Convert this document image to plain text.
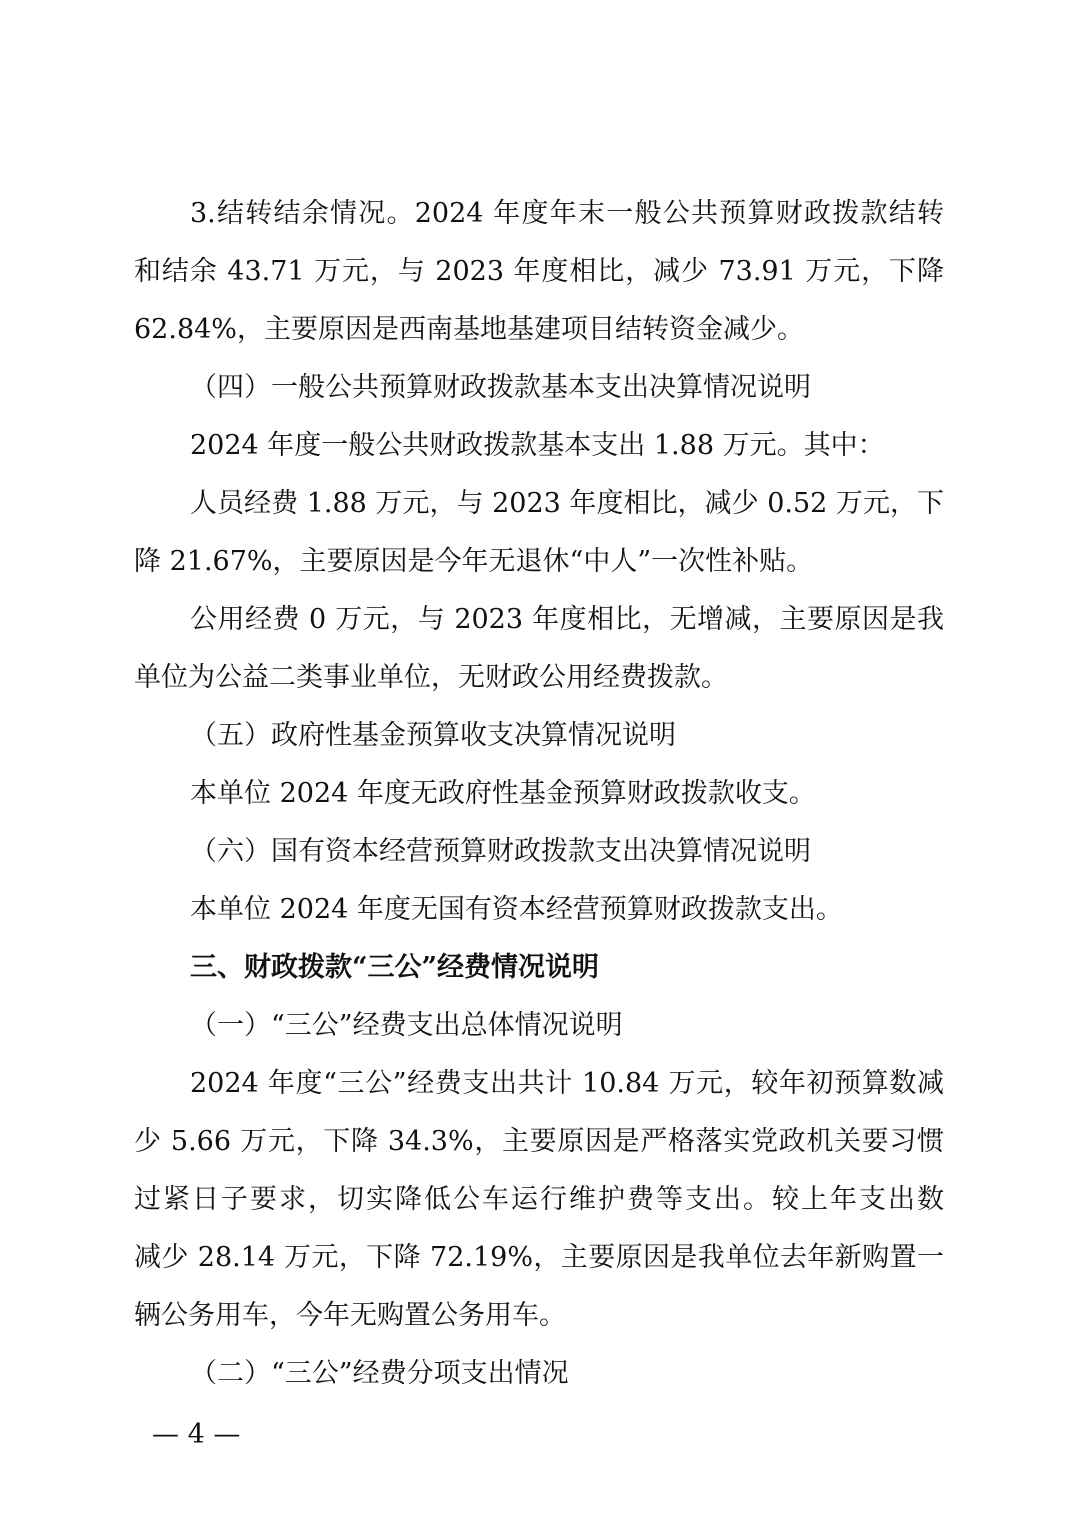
3.结转结余情况。2024 年度年末一般公共预算财政拨款结转
和结余 43.71 万元，与 2023 年度相比，减少 73.91 万元，下降
62.84%，主要原因是西南基地基建项目结转资金减少。
（四）一般公共预算财政拨款基本支出决算情况说明
2024 年度一般公共财政拨款基本支出 1.88 万元。其中：
人员经费 1.88 万元，与 2023 年度相比，减少 0.52 万元，下
降 21.67%，主要原因是今年无退休“中人”一次性补贴。
公用经费 0 万元，与 2023 年度相比，无增减，主要原因是我
单位为公益二类事业单位，无财政公用经费拨款。
（五）政府性基金预算收支决算情况说明
本单位 2024 年度无政府性基金预算财政拨款收支。
（六）国有资本经营预算财政拨款支出决算情况说明
本单位 2024 年度无国有资本经营预算财政拨款支出。
三、财政拨款“三公”经费情况说明
（一）“三公”经费支出总体情况说明
2024 年度“三公”经费支出共计 10.84 万元，较年初预算数减
少 5.66 万元，下降 34.3%，主要原因是严格落实党政机关要习惯
过紧日子要求，切实降低公车运行维护费等支出。较上年支出数
减少 28.14 万元，下降 72.19%，主要原因是我单位去年新购置一
辆公务用车，今年无购置公务用车。
（二）“三公”经费分项支出情况
— 4 —
